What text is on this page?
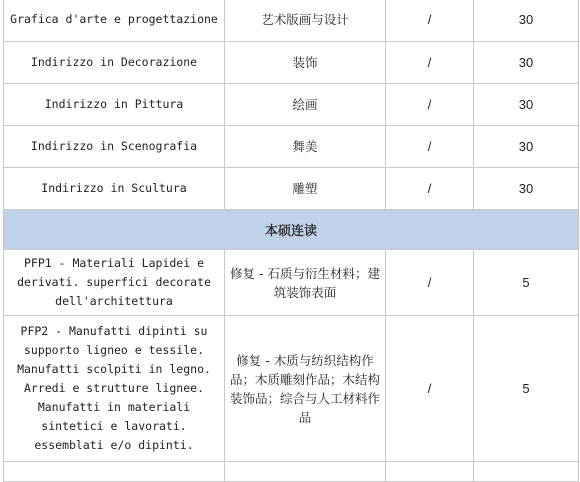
Grafica d'arte e progettazione	艺术版画与设计	/	30
Indirizzo in Decorazione	装饰	/	30
Indirizzo in Pittura	绘画	/	30
Indirizzo in Scenografia	舞美	/	30
Indirizzo in Scultura	雕塑	/	30
本硕连读			
PFP1 - Materiali Lapidei e derivati. superfici decorate dell'architettura	修复 - 石质与衍生材料；建筑装饰表面	/	5
PFP2 - Manufatti dipinti su supporto ligneo e tessile. Manufatti scolpiti in legno. Arredi e strutture lignee. Manufatti in materiali sintetici e lavorati. essemblati e/o dipinti.	修复 - 木质与纺织结构作品；木质雕刻作品；木结构装饰品；综合与人工材料作品	/	5
